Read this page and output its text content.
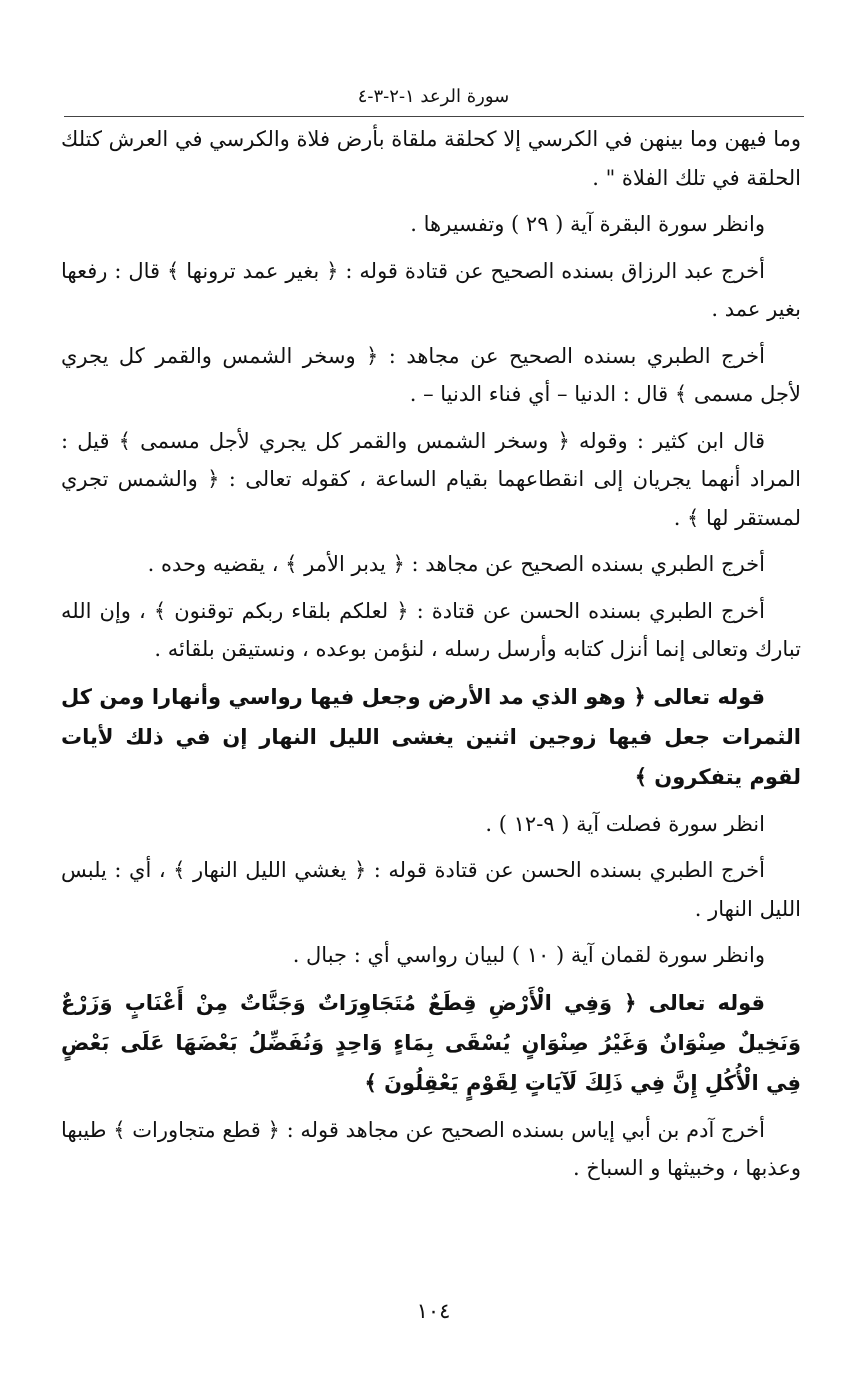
سورة الرعد ١-٢-٣-٤

وما فيهن وما بينهن في الكرسي إلا كحلقة ملقاة بأرض فلاة والكرسي في العرش كتلك الحلقة في تلك الفلاة " .

وانظر سورة البقرة آية ( ٢٩ ) وتفسيرها .

أخرج عبد الرزاق بسنده الصحيح عن قتادة قوله : ﴿ بغير عمد ترونها ﴾ قال : رفعها بغير عمد .

أخرج الطبري بسنده الصحيح عن مجاهد : ﴿ وسخر الشمس والقمر كل يجري لأجل مسمى ﴾ قال : الدنيا – أي فناء الدنيا – .

قال ابن كثير : وقوله ﴿ وسخر الشمس والقمر كل يجري لأجل مسمى ﴾ قيل : المراد أنهما يجريان إلى انقطاعهما بقيام الساعة ، كقوله تعالى : ﴿ والشمس تجري لمستقر لها ﴾ .

أخرج الطبري بسنده الصحيح عن مجاهد : ﴿ يدبر الأمر ﴾ ، يقضيه وحده .

أخرج الطبري بسنده الحسن عن قتادة : ﴿ لعلكم بلقاء ربكم توقنون ﴾ ، وإن الله تبارك وتعالى إنما أنزل كتابه وأرسل رسله ، لنؤمن بوعده ، ونستيقن بلقائه .

قوله تعالى ﴿ وهو الذي مد الأرض وجعل فيها رواسي وأنهارا ومن كل الثمرات جعل فيها زوجين اثنين يغشى الليل النهار إن في ذلك لأيات لقوم يتفكرون ﴾

انظر سورة فصلت آية ( ٩-١٢ ) .

أخرج الطبري بسنده الحسن عن قتادة قوله : ﴿ يغشي الليل النهار ﴾ ، أي : يلبس الليل النهار .

وانظر سورة لقمان آية ( ١٠ ) لبيان رواسي أي : جبال .

قوله تعالى ﴿ وَفِي الْأَرْضِ قِطَعٌ مُتَجَاوِرَاتٌ وَجَنَّاتٌ مِنْ أَعْنَابٍ وَزَرْعٌ وَنَخِيلٌ صِنْوَانٌ وَغَيْرُ صِنْوَانٍ يُسْقَى بِمَاءٍ وَاحِدٍ وَنُفَضِّلُ بَعْضَهَا عَلَى بَعْضٍ فِي الْأُكُلِ إِنَّ فِي ذَلِكَ لَآيَاتٍ لِقَوْمٍ يَعْقِلُونَ ﴾

أخرج آدم بن أبي إياس بسنده الصحيح عن مجاهد قوله : ﴿ قطع متجاورات ﴾ طيبها وعذبها ، وخبيثها و السباخ .

١٠٤
